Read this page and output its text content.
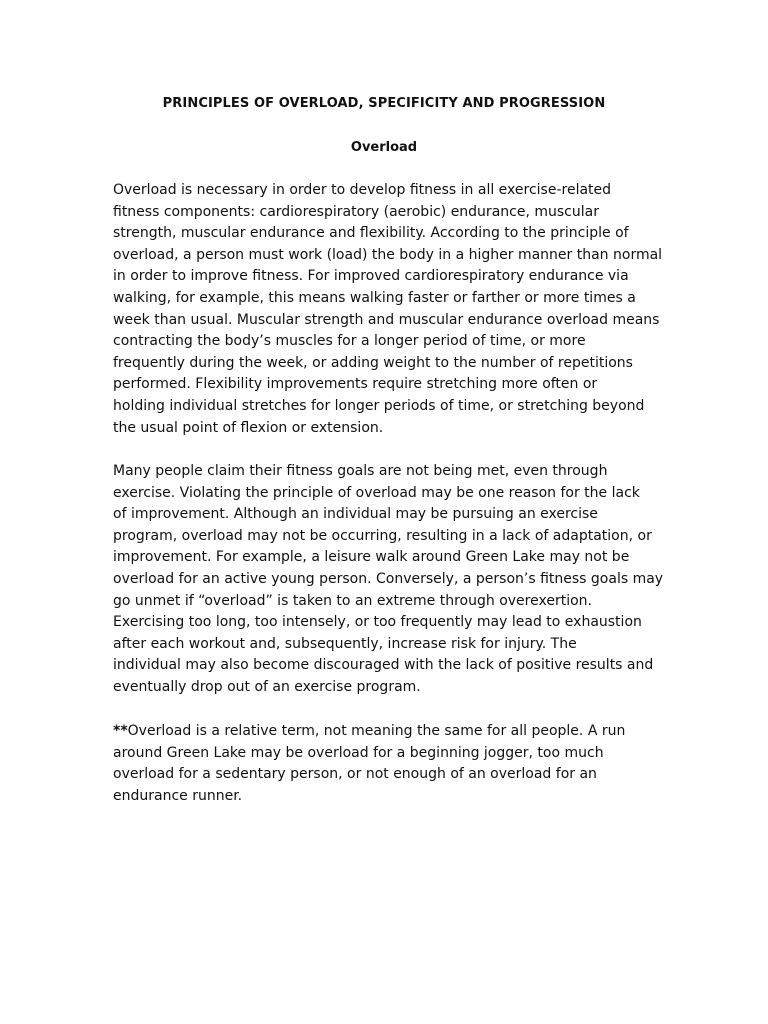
PRINCIPLES OF OVERLOAD, SPECIFICITY AND PROGRESSION
Overload

Overload is necessary in order to develop fitness in all exercise-related
fitness components: cardiorespiratory (aerobic) endurance, muscular
strength, muscular endurance and flexibility. According to the principle of
overload, a person must work (load) the body in a higher manner than normal
in order to improve fitness. For improved cardiorespiratory endurance via
walking, for example, this means walking faster or farther or more times a
week than usual. Muscular strength and muscular endurance overload means
contracting the body’s muscles for a longer period of time, or more
frequently during the week, or adding weight to the number of repetitions
performed. Flexibility improvements require stretching more often or
holding individual stretches for longer periods of time, or stretching beyond
the usual point of flexion or extension.

Many people claim their fitness goals are not being met, even through
exercise. Violating the principle of overload may be one reason for the lack
of improvement. Although an individual may be pursuing an exercise
program, overload may not be occurring, resulting in a lack of adaptation, or
improvement. For example, a leisure walk around Green Lake may not be
overload for an active young person. Conversely, a person’s fitness goals may
go unmet if “overload” is taken to an extreme through overexertion.
Exercising too long, too intensely, or too frequently may lead to exhaustion
after each workout and, subsequently, increase risk for injury. The
individual may also become discouraged with the lack of positive results and
eventually drop out of an exercise program.

**Overload is a relative term, not meaning the same for all people. A run
around Green Lake may be overload for a beginning jogger, too much
overload for a sedentary person, or not enough of an overload for an
endurance runner.
